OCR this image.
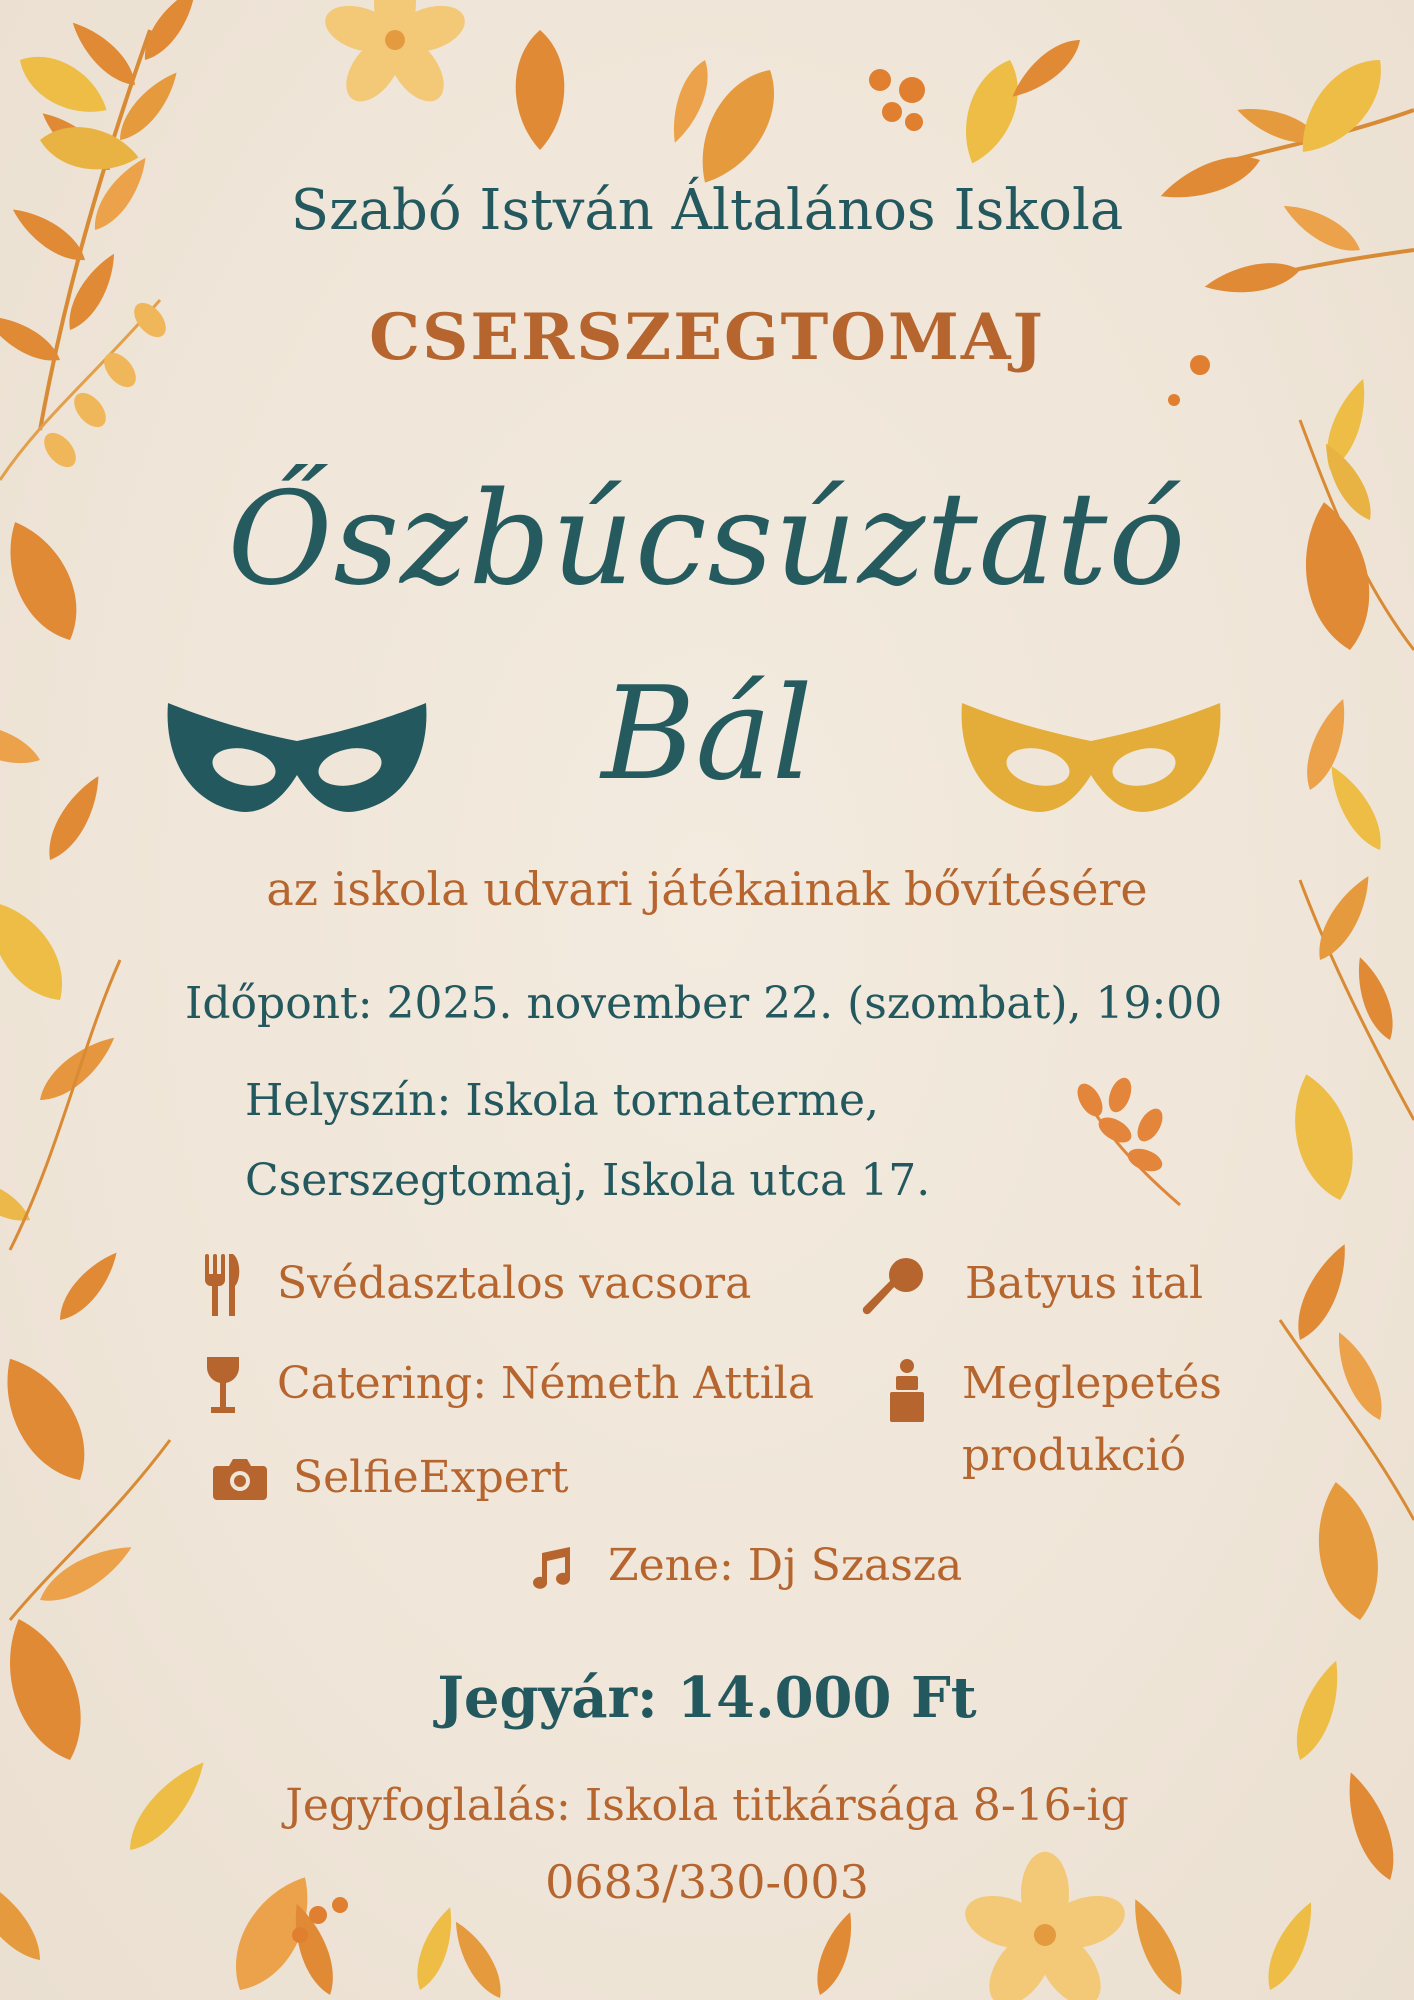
Szabó István Általános Iskola
CSERSZEGTOMAJ
Őszbúcsúztató
Bál
az iskola udvari játékainak bővítésére
Időpont: 2025. november 22. (szombat), 19:00
Helyszín: Iskola tornaterme,
Cserszegtomaj, Iskola utca 17.
Svédasztalos vacsora	Batyus ital
Catering: Németh Attila	Meglepetés
produkció
SelfieExpert
Zene: Dj Szasza
Jegyár: 14.000 Ft
Jegyfoglalás: Iskola titkársága 8-16-ig
0683/330-003
